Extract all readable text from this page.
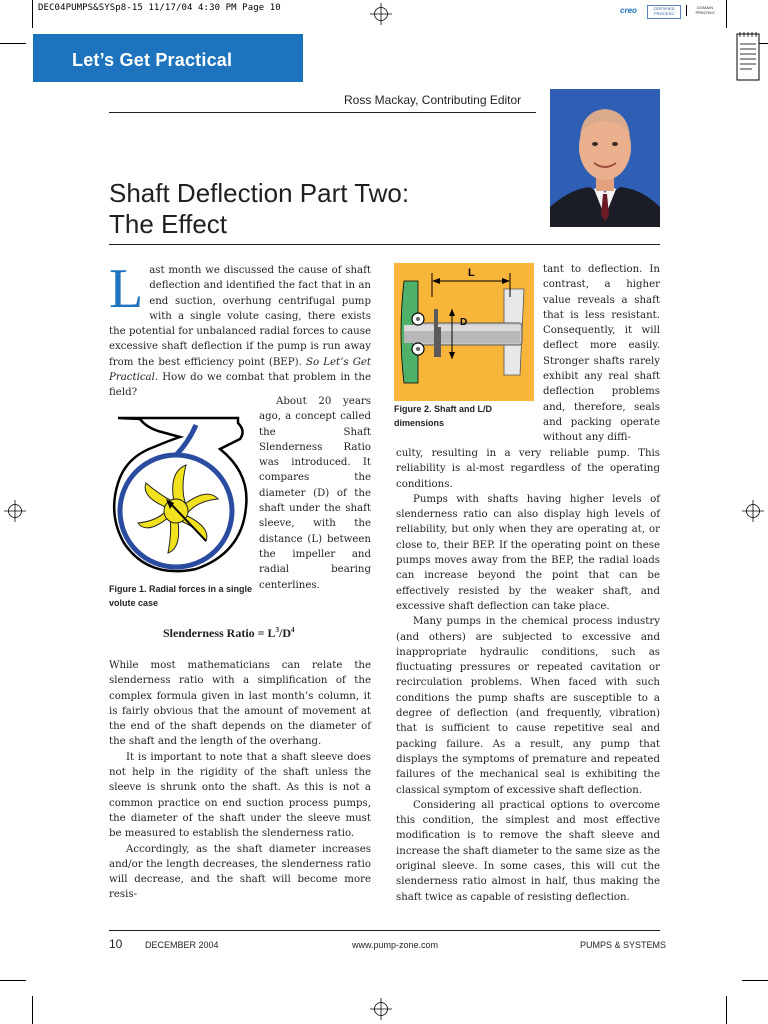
DEC04PUMPS&SYSp8-15 11/17/04 4:30 PM Page 10	creo	CERTIFIED PROCESS
DOMAIN PRINTING
Let’s Get Practical
Ross Mackay, Contributing Editor
Shaft Deflection Part Two:
The Effect
Last month we discussed the cause of shaft deflection and identified the fact that in an end suction, overhung centrifugal pump with a single volute casing, there exists the potential for unbalanced radial forces to cause excessive shaft deflection if the pump is run away from the best efficiency point (BEP). So Let’s Get Practical. How do we combat that problem in the field?
Figure 1. Radial forces in a single volute case

About 20 years ago, a concept called the Shaft Slenderness Ratio was introduced. It compares the diameter (D) of the shaft under the shaft sleeve, with the distance (L) between the impeller and radial bearing centerlines.

Slenderness Ratio = $L^3/D^4$

While most mathematicians can relate the slenderness ratio with a simplification of the complex formula given in last month’s column, it is fairly obvious that the amount of movement at the end of the shaft depends on the diameter of the shaft and the length of the overhang.

It is important to note that a shaft sleeve does not help in the rigidity of the shaft unless the sleeve is shrunk onto the shaft. As this is not a common practice on end suction process pumps, the diameter of the shaft under the sleeve must be measured to establish the slenderness ratio.

Accordingly, as the shaft diameter increases and/or the length decreases, the slenderness ratio will decrease, and the shaft will become more resis-

L
D
Figure 2. Shaft and L/D dimensions

tant to deflection. In contrast, a higher value reveals a shaft that is less resistant. Consequently, it will deflect more easily. Stronger shafts rarely exhibit any real shaft deflection problems and, therefore, seals and packing operate without any diffi-

culty, resulting in a very reliable pump. This reliability is al-most regardless of the operating conditions.

Pumps with shafts having higher levels of slenderness ratio can also display high levels of reliability, but only when they are operating at, or close to, their BEP. If the operating point on these pumps moves away from the BEP, the radial loads can increase beyond the point that can be effectively resisted by the weaker shaft, and excessive shaft deflection can take place.

Many pumps in the chemical process industry (and others) are subjected to excessive and inappropriate hydraulic conditions, such as fluctuating pressures or repeated cavitation or recirculation problems. When faced with such conditions the pump shafts are susceptible to a degree of deflection (and frequently, vibration) that is sufficient to cause repetitive seal and packing failure. As a result, any pump that displays the symptoms of premature and repeated failures of the mechanical seal is exhibiting the classical symptom of excessive shaft deflection.

Considering all practical options to overcome this condition, the simplest and most effective modification is to remove the shaft sleeve and increase the shaft diameter to the same size as the original sleeve. In some cases, this will cut the slenderness ratio almost in half, thus making the shaft twice as capable of resisting deflection.

10	DECEMBER 2004	www.pump-zone.com	PUMPS & SYSTEMS
